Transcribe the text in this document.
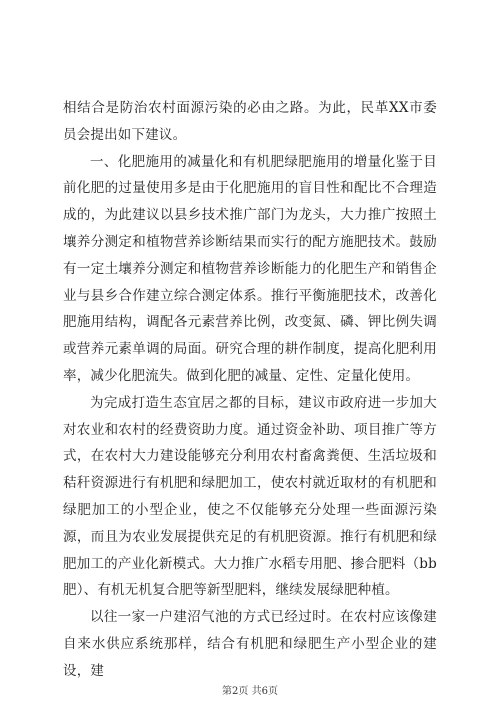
相结合是防治农村面源污染的必由之路。为此，民革XX市委员会提出如下建议。

一、化肥施用的减量化和有机肥绿肥施用的增量化鉴于目前化肥的过量使用多是由于化肥施用的盲目性和配比不合理造成的，为此建议以县乡技术推广部门为龙头，大力推广按照土壤养分测定和植物营养诊断结果而实行的配方施肥技术。鼓励有一定土壤养分测定和植物营养诊断能力的化肥生产和销售企业与县乡合作建立综合测定体系。推行平衡施肥技术，改善化肥施用结构，调配各元素营养比例，改变氮、磷、钾比例失调或营养元素单调的局面。研究合理的耕作制度，提高化肥利用率，减少化肥流失。做到化肥的减量、定性、定量化使用。

为完成打造生态宜居之都的目标，建议市政府进一步加大对农业和农村的经费资助力度。通过资金补助、项目推广等方式，在农村大力建设能够充分利用农村畜禽粪便、生活垃圾和秸秆资源进行有机肥和绿肥加工，使农村就近取材的有机肥和绿肥加工的小型企业，使之不仅能够充分处理一些面源污染源，而且为农业发展提供充足的有机肥资源。推行有机肥和绿肥加工的产业化新模式。大力推广水稻专用肥、掺合肥料（bb肥）、有机无机复合肥等新型肥料，继续发展绿肥种植。

以往一家一户建沼气池的方式已经过时。在农村应该像建自来水供应系统那样，结合有机肥和绿肥生产小型企业的建设，建

第2页 共6页
